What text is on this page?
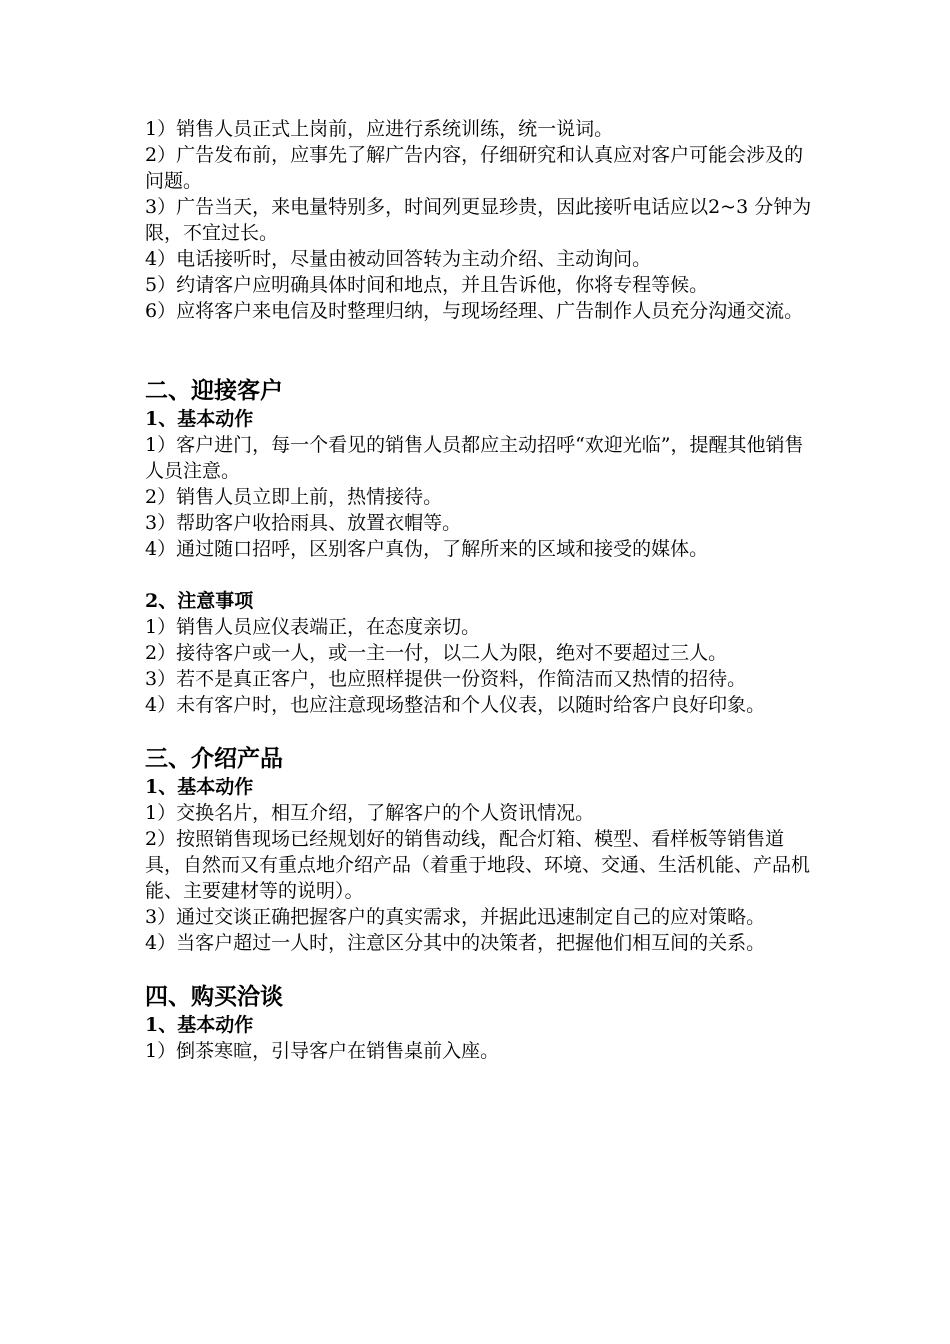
1）销售人员正式上岗前，应进行系统训练，统一说词。

2）广告发布前，应事先了解广告内容，仔细研究和认真应对客户可能会涉及的问题。

3）广告当天，来电量特别多，时间列更显珍贵，因此接听电话应以2~3 分钟为限，不宜过长。

4）电话接听时，尽量由被动回答转为主动介绍、主动询问。

5）约请客户应明确具体时间和地点，并且告诉他，你将专程等候。

6）应将客户来电信及时整理归纳，与现场经理、广告制作人员充分沟通交流。

二、迎接客户
1、基本动作

1）客户进门，每一个看见的销售人员都应主动招呼“欢迎光临”，提醒其他销售人员注意。

2）销售人员立即上前，热情接待。

3）帮助客户收拾雨具、放置衣帽等。

4）通过随口招呼，区别客户真伪，了解所来的区域和接受的媒体。

2、注意事项

1）销售人员应仪表端正，在态度亲切。

2）接待客户或一人，或一主一付，以二人为限，绝对不要超过三人。

3）若不是真正客户，也应照样提供一份资料，作简洁而又热情的招待。

4）未有客户时，也应注意现场整洁和个人仪表，以随时给客户良好印象。

三、介绍产品
1、基本动作

1）交换名片，相互介绍，了解客户的个人资讯情况。

2）按照销售现场已经规划好的销售动线，配合灯箱、模型、看样板等销售道具，自然而又有重点地介绍产品（着重于地段、环境、交通、生活机能、产品机能、主要建材等的说明）。

3）通过交谈正确把握客户的真实需求，并据此迅速制定自己的应对策略。

4）当客户超过一人时，注意区分其中的决策者，把握他们相互间的关系。

四、购买洽谈
1、基本动作

1）倒茶寒暄，引导客户在销售桌前入座。
